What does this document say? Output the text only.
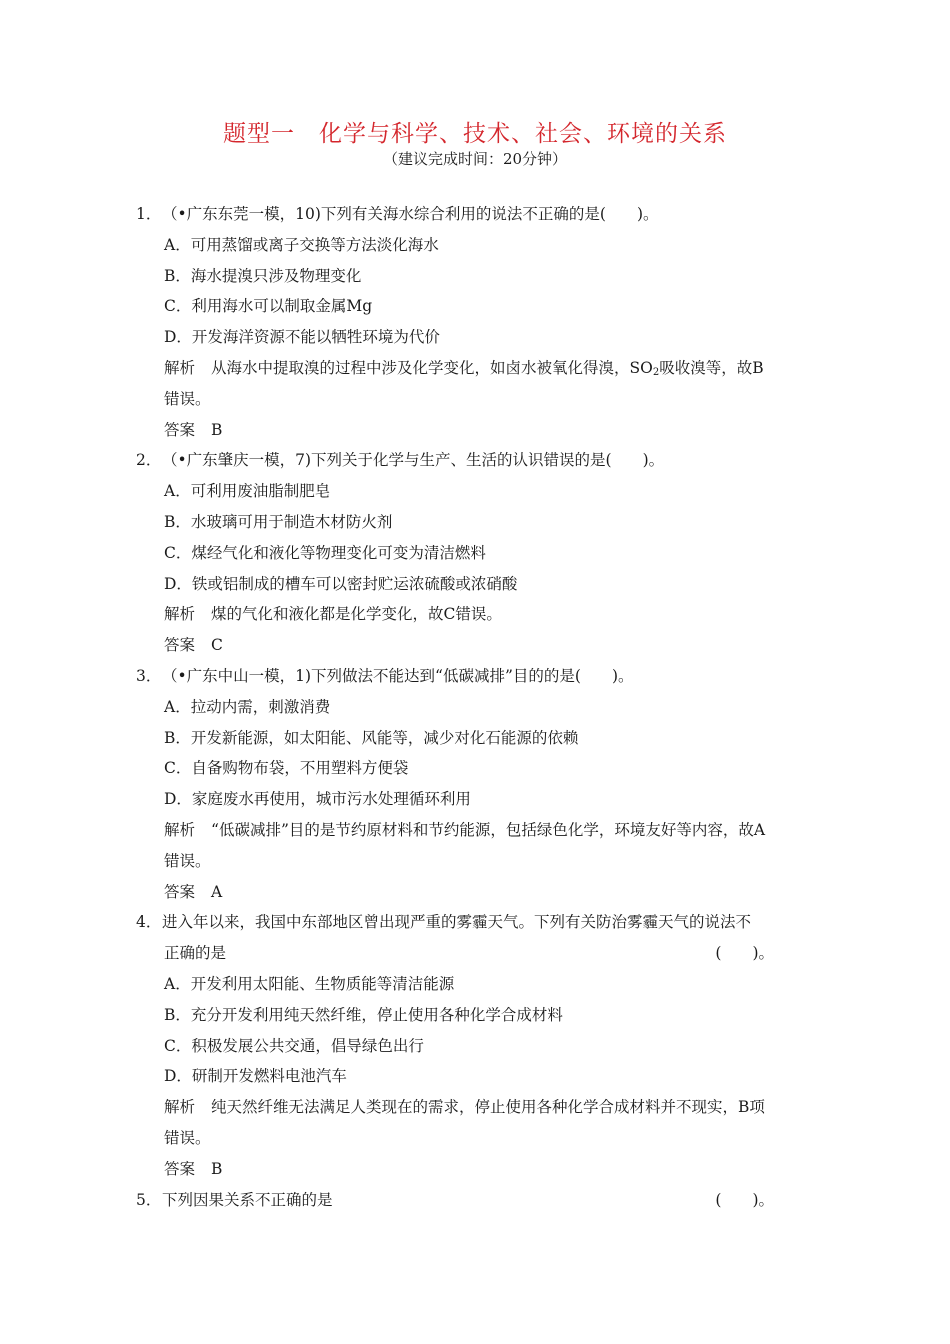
题型一　化学与科学、技术、社会、环境的关系
（建议完成时间：20分钟）
1．（•广东东莞一模，10)下列有关海水综合利用的说法不正确的是(　　)。
A．可用蒸馏或离子交换等方法淡化海水
B．海水提溴只涉及物理变化
C．利用海水可以制取金属Mg
D．开发海洋资源不能以牺牲环境为代价
解析 从海水中提取溴的过程中涉及化学变化，如卤水被氧化得溴，$SO_2$吸收溴等，故B
错误。
答案 B
2．（•广东肇庆一模，7)下列关于化学与生产、生活的认识错误的是(　　)。
A．可利用废油脂制肥皂
B．水玻璃可用于制造木材防火剂
C．煤经气化和液化等物理变化可变为清洁燃料
D．铁或铝制成的槽车可以密封贮运浓硫酸或浓硝酸
解析 煤的气化和液化都是化学变化，故C错误。
答案 C
3．（•广东中山一模，1)下列做法不能达到“低碳减排”目的的是(　　)。
A．拉动内需，刺激消费
B．开发新能源，如太阳能、风能等，减少对化石能源的依赖
C．自备购物布袋，不用塑料方便袋
D．家庭废水再使用，城市污水处理循环利用
解析 “低碳减排”目的是节约原材料和节约能源，包括绿色化学，环境友好等内容，故A
错误。
答案 A
4．进入年以来，我国中东部地区曾出现严重的雾霾天气。下列有关防治雾霾天气的说法不
正确的是	(　　)。
A．开发利用太阳能、生物质能等清洁能源
B．充分开发利用纯天然纤维，停止使用各种化学合成材料
C．积极发展公共交通，倡导绿色出行
D．研制开发燃料电池汽车
解析 纯天然纤维无法满足人类现在的需求，停止使用各种化学合成材料并不现实，B项
错误。
答案 B
5．下列因果关系不正确的是	(　　)。
